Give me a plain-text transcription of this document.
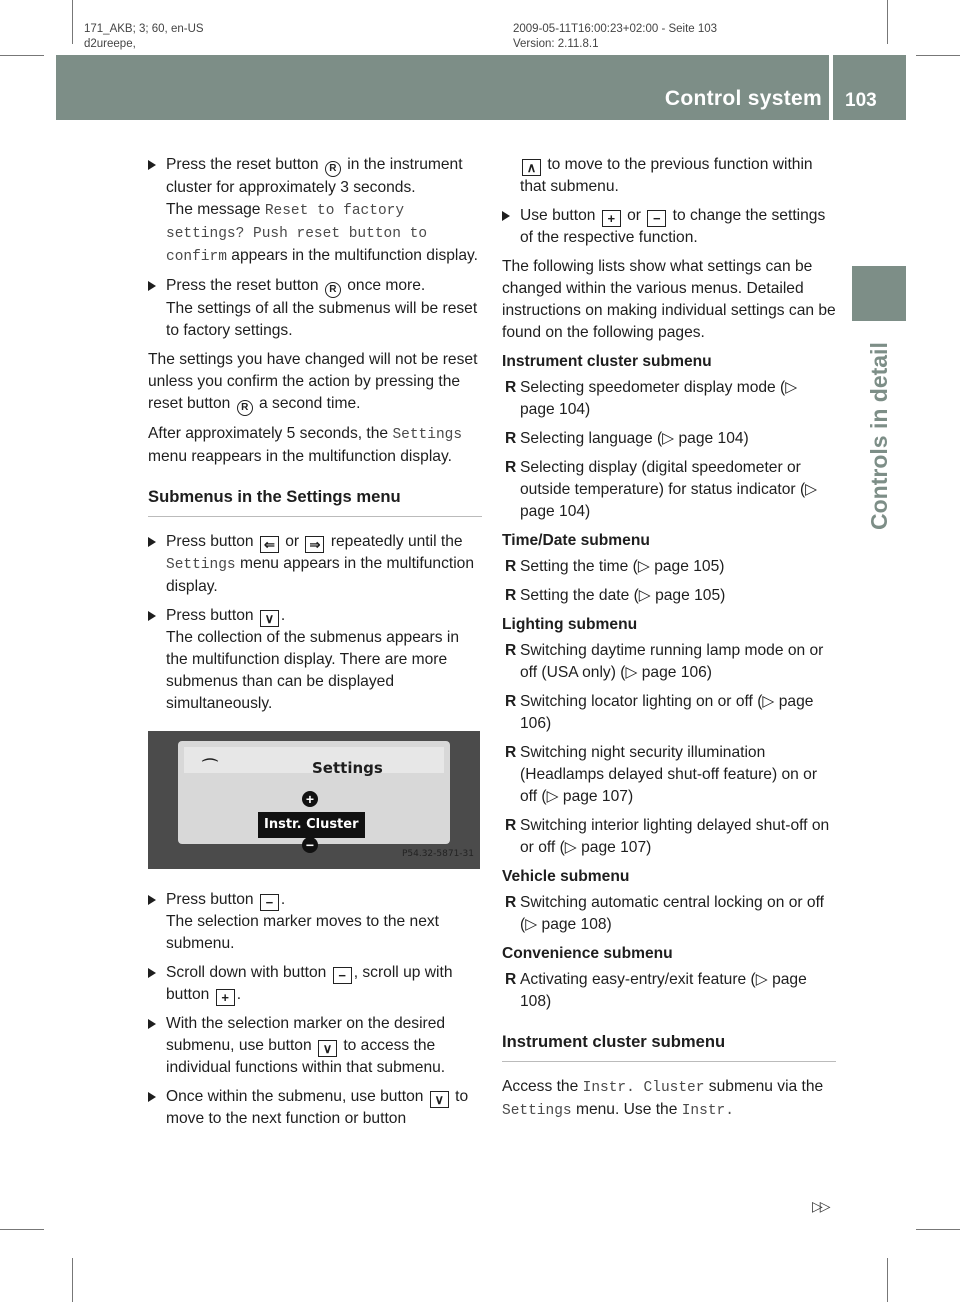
171_AKB; 3; 60, en-US
d2ureepe,
2009-05-11T16:00:23+02:00 - Seite 103
Version: 2.11.8.1
Control system 103
Controls in detail
Press the reset button R in the instrument cluster for approximately 3 seconds.
The message Reset to factory settings? Push reset button to confirm appears in the multifunction display.
Press the reset button R once more.
The settings of all the submenus will be reset to factory settings.
The settings you have changed will not be reset unless you confirm the action by pressing the reset button R a second time.
After approximately 5 seconds, the Settings menu reappears in the multifunction display.
Submenus in the Settings menu
Press button ⇐ or ⇒ repeatedly until the Settings menu appears in the multifunction display.
Press button ∨ .
The collection of the submenus appears in the multifunction display. There are more submenus than can be displayed simultaneously.
⌒	Settings
+
Instr. Cluster
−
P54.32-5871-31
Press button − .
The selection marker moves to the next submenu.
Scroll down with button − , scroll up with button + .
With the selection marker on the desired submenu, use button ∨ to access the individual functions within that submenu.
Once within the submenu, use button ∨ to move to the next function or button
∧ to move to the previous function within that submenu.
Use button + or − to change the settings of the respective function.
The following lists show what settings can be changed within the various menus. Detailed instructions on making individual settings can be found on the following pages.
Instrument cluster submenu
R Selecting speedometer display mode (▷ page 104)
R Selecting language (▷ page 104)
R Selecting display (digital speedometer or outside temperature) for status indicator (▷ page 104)
Time/Date submenu
R Setting the time (▷ page 105)
R Setting the date (▷ page 105)
Lighting submenu
R Switching daytime running lamp mode on or off (USA only) (▷ page 106)
R Switching locator lighting on or off (▷ page 106)
R Switching night security illumination (Headlamps delayed shut-off feature) on or off (▷ page 107)
R Switching interior lighting delayed shut-off on or off (▷ page 107)
Vehicle submenu
R Switching automatic central locking on or off (▷ page 108)
Convenience submenu
R Activating easy-entry/exit feature (▷ page 108)
Instrument cluster submenu
Access the Instr. Cluster submenu via the Settings menu. Use the Instr.
▷▷
